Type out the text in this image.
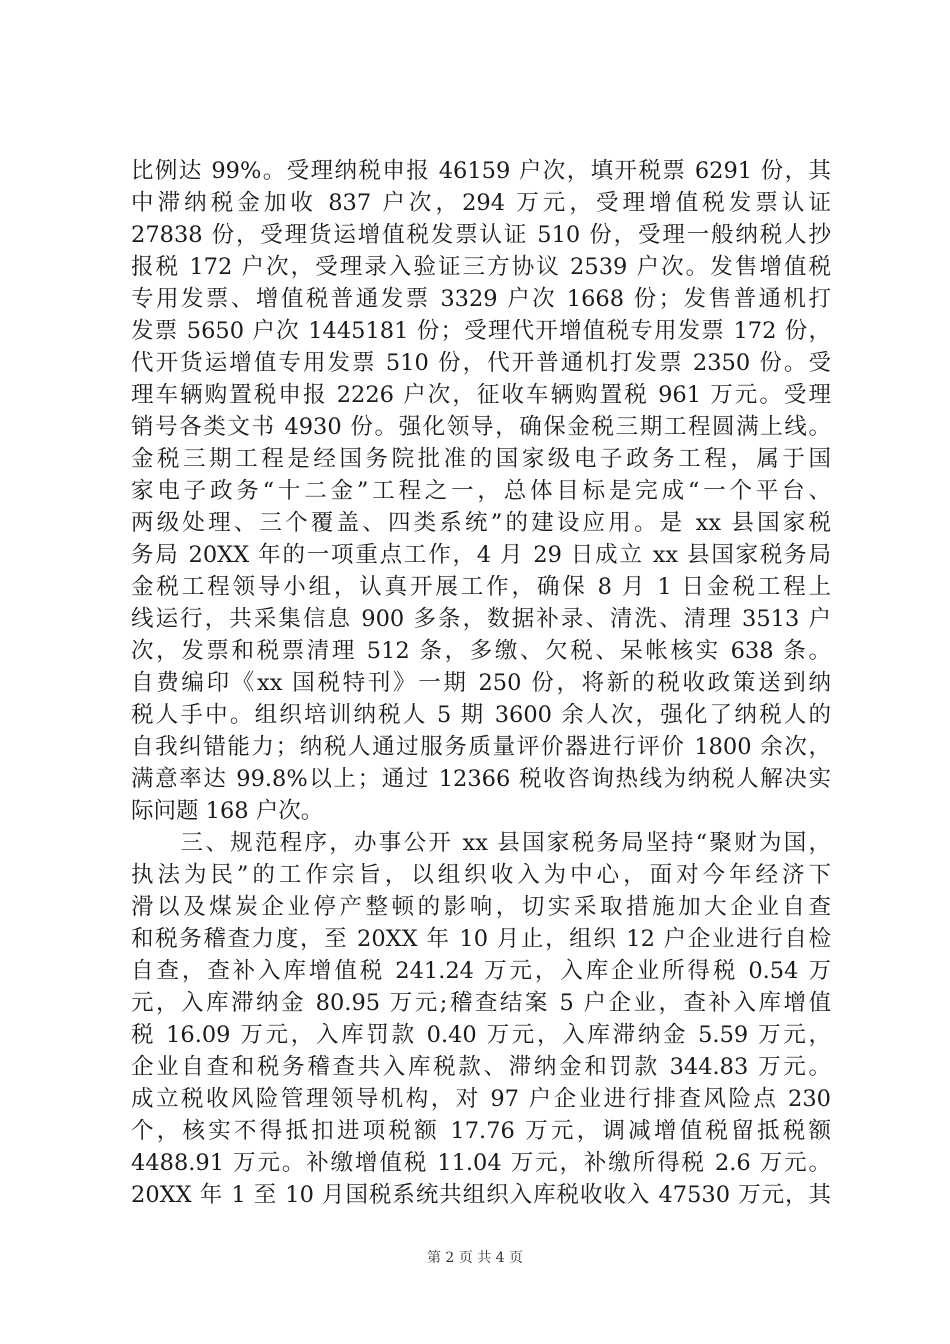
比例达 99%。受理纳税申报 46159 户次，填开税票 6291 份，其
中滞纳税金加收 837 户次，294 万元，受理增值税发票认证
27838 份，受理货运增值税发票认证 510 份，受理一般纳税人抄
报税 172 户次，受理录入验证三方协议 2539 户次。发售增值税
专用发票、增值税普通发票 3329 户次 1668 份；发售普通机打
发票 5650 户次 1445181 份；受理代开增值税专用发票 172 份，
代开货运增值专用发票 510 份，代开普通机打发票 2350 份。受
理车辆购置税申报 2226 户次，征收车辆购置税 961 万元。受理
销号各类文书 4930 份。强化领导，确保金税三期工程圆满上线。
金税三期工程是经国务院批准的国家级电子政务工程，属于国
家电子政务“十二金”工程之一，总体目标是完成“一个平台、
两级处理、三个覆盖、四类系统”的建设应用。是 xx 县国家税
务局 20XX 年的一项重点工作，4 月 29 日成立 xx 县国家税务局
金税工程领导小组，认真开展工作，确保 8 月 1 日金税工程上
线运行，共采集信息 900 多条，数据补录、清洗、清理 3513 户
次，发票和税票清理 512 条，多缴、欠税、呆帐核实 638 条。
自费编印《xx 国税特刊》一期 250 份，将新的税收政策送到纳
税人手中。组织培训纳税人 5 期 3600 余人次，强化了纳税人的
自我纠错能力；纳税人通过服务质量评价器进行评价 1800 余次，
满意率达 99.8%以上；通过 12366 税收咨询热线为纳税人解决实
际问题 168 户次。
　　三、规范程序，办事公开 xx 县国家税务局坚持“聚财为国，
执法为民”的工作宗旨，以组织收入为中心，面对今年经济下
滑以及煤炭企业停产整顿的影响，切实采取措施加大企业自查
和税务稽查力度，至 20XX 年 10 月止，组织 12 户企业进行自检
自查，查补入库增值税 241.24 万元，入库企业所得税 0.54 万
元，入库滞纳金 80.95 万元;稽查结案 5 户企业，查补入库增值
税 16.09 万元，入库罚款 0.40 万元，入库滞纳金 5.59 万元，
企业自查和税务稽查共入库税款、滞纳金和罚款 344.83 万元。
成立税收风险管理领导机构，对 97 户企业进行排查风险点 230
个，核实不得抵扣进项税额 17.76 万元，调减增值税留抵税额
4488.91 万元。补缴增值税 11.04 万元，补缴所得税 2.6 万元。
20XX 年 1 至 10 月国税系统共组织入库税收收入 47530 万元，其
第 2 页 共 4 页
